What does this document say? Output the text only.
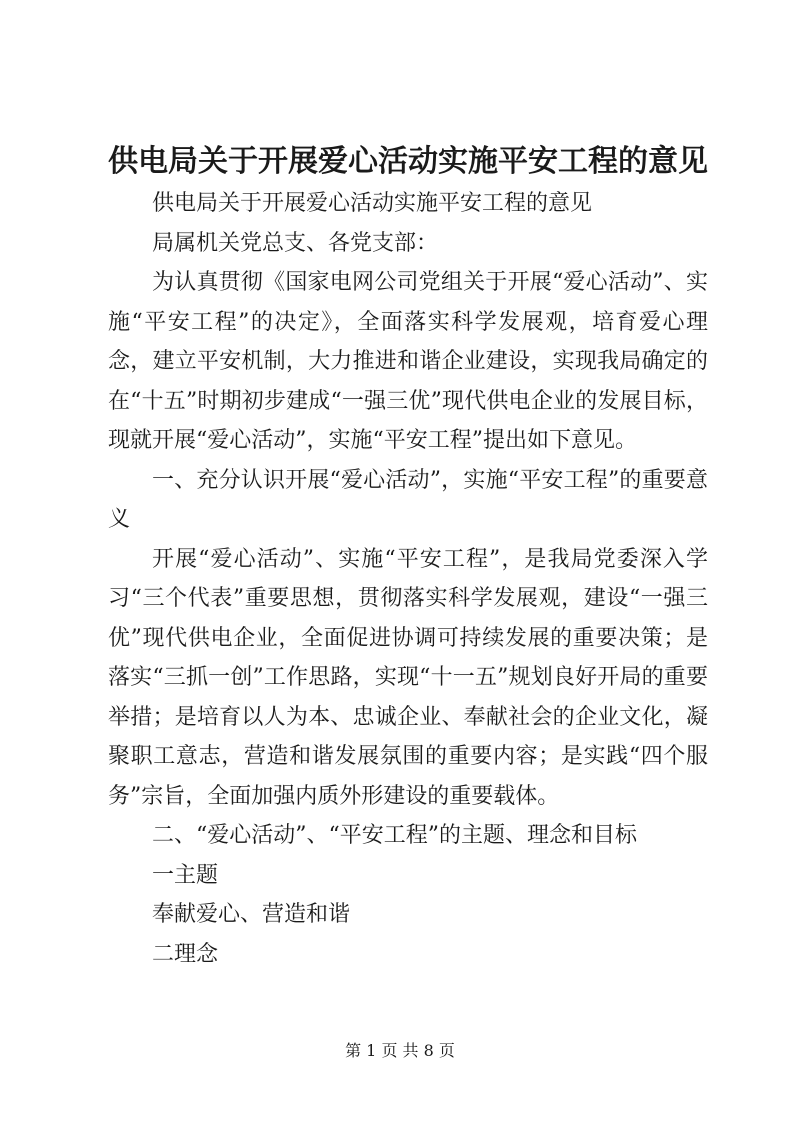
供电局关于开展爱心活动实施平安工程的意见

供电局关于开展爱心活动实施平安工程的意见

局属机关党总支、各党支部：

为认真贯彻《国家电网公司党组关于开展“爱心活动”、实施“平安工程”的决定》，全面落实科学发展观，培育爱心理念，建立平安机制，大力推进和谐企业建设，实现我局确定的在“十五”时期初步建成“一强三优”现代供电企业的发展目标，现就开展“爱心活动”，实施“平安工程”提出如下意见。

一、充分认识开展“爱心活动”，实施“平安工程”的重要意义

开展“爱心活动”、实施“平安工程”，是我局党委深入学习“三个代表”重要思想，贯彻落实科学发展观，建设“一强三优”现代供电企业，全面促进协调可持续发展的重要决策；是落实“三抓一创”工作思路，实现“十一五”规划良好开局的重要举措；是培育以人为本、忠诚企业、奉献社会的企业文化，凝聚职工意志，营造和谐发展氛围的重要内容；是实践“四个服务”宗旨，全面加强内质外形建设的重要载体。

二、“爱心活动”、“平安工程”的主题、理念和目标

一主题

奉献爱心、营造和谐

二理念

第 1 页 共 8 页
